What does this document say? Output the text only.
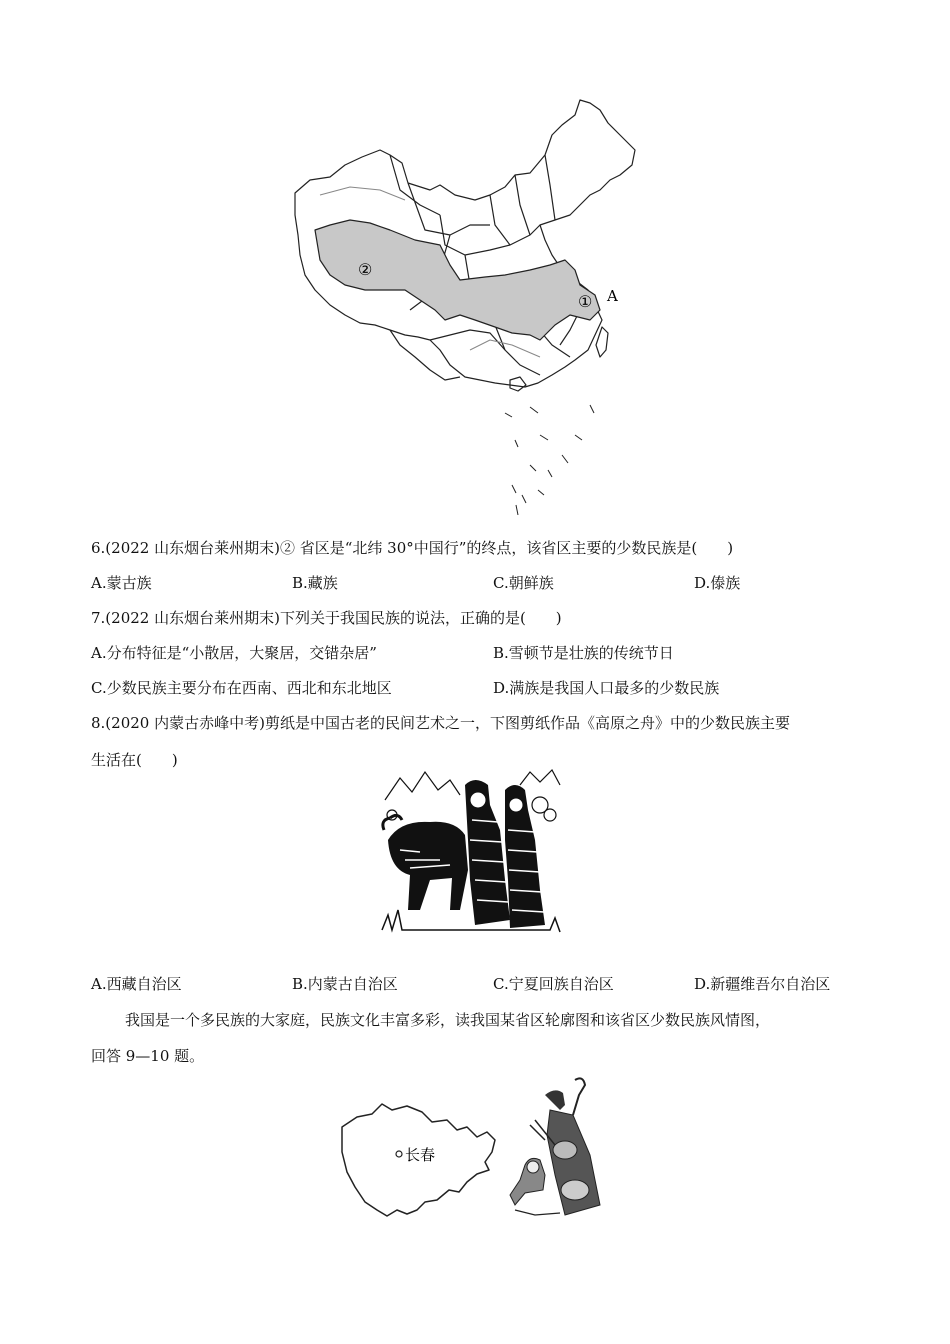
②
① A
6.(2022 山东烟台莱州期末)② 省区是“北纬 30°中国行”的终点，该省区主要的少数民族是(　　)
A.蒙古族	B.藏族	C.朝鲜族	D.傣族
7.(2022 山东烟台莱州期末)下列关于我国民族的说法，正确的是(　　)
A.分布特征是“小散居，大聚居，交错杂居”	B.雪顿节是壮族的传统节日
C.少数民族主要分布在西南、西北和东北地区	D.满族是我国人口最多的少数民族
8.(2020 内蒙古赤峰中考)剪纸是中国古老的民间艺术之一，下图剪纸作品《高原之舟》中的少数民族主要
生活在(　　)
A.西藏自治区	B.内蒙古自治区	C.宁夏回族自治区	D.新疆维吾尔自治区
我国是一个多民族的大家庭，民族文化丰富多彩，读我国某省区轮廓图和该省区少数民族风情图，
回答 9—10 题。
长春
